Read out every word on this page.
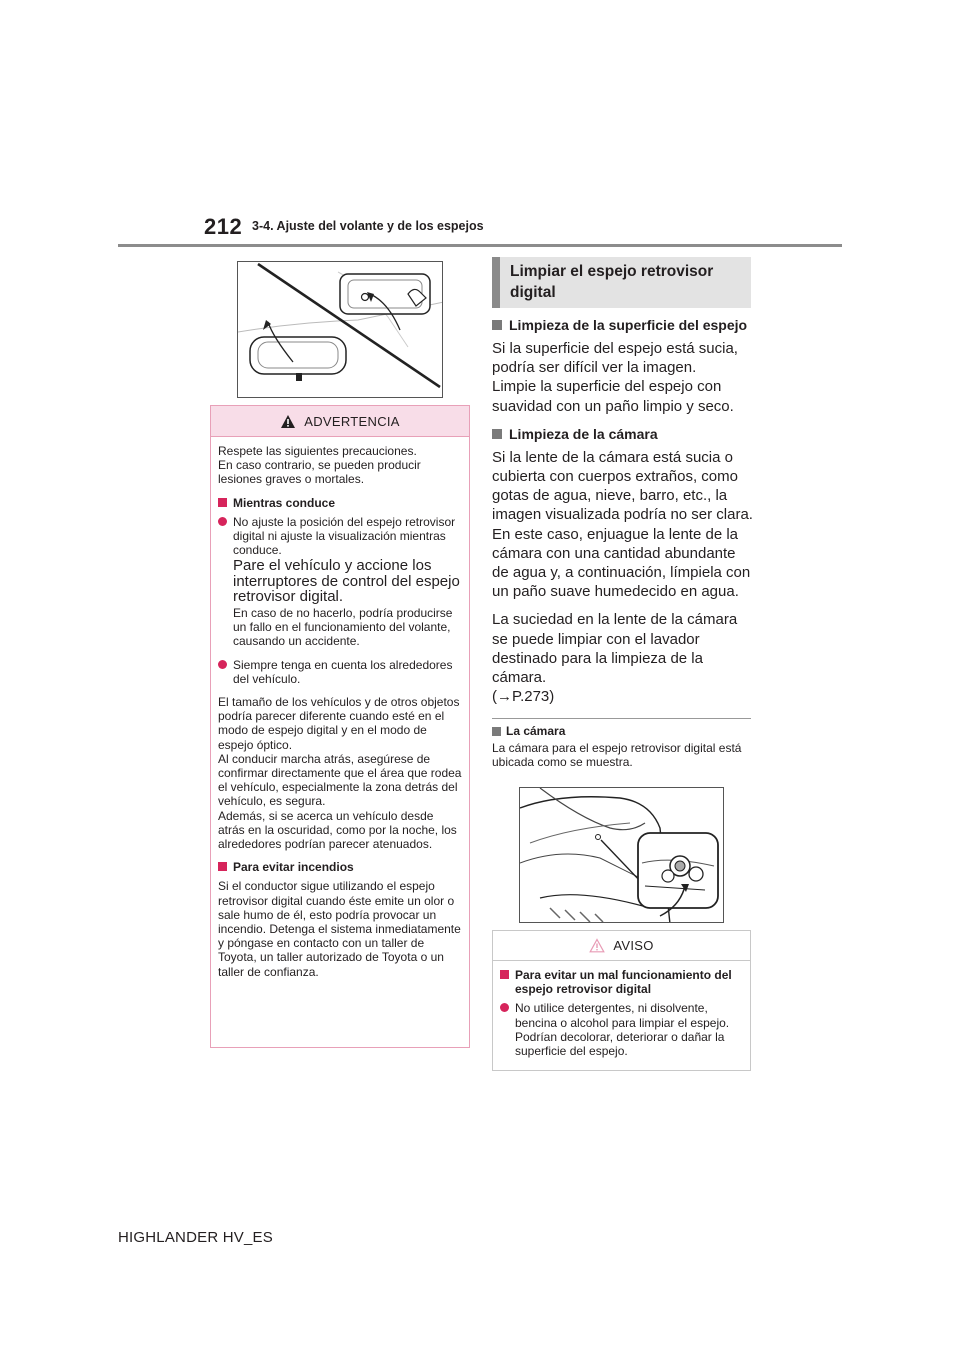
212 3-4. Ajuste del volante y de los espejos
ADVERTENCIA

Respete las siguientes precauciones.
En caso contrario, se pueden producir lesiones graves o mortales.

Mientras conduce
No ajuste la posición del espejo retrovisor digital ni ajuste la visualización mientras conduce.
Pare el vehículo y accione los interruptores de control del espejo retrovisor digital.
En caso de no hacerlo, podría producirse un fallo en el funcionamiento del volante, causando un accidente.
Siempre tenga en cuenta los alrededores del vehículo.

El tamaño de los vehículos y de otros objetos podría parecer diferente cuando esté en el modo de espejo digital y en el modo de espejo óptico.
Al conducir marcha atrás, asegúrese de confirmar directamente que el área que rodea el vehículo, especialmente la zona detrás del vehículo, es segura.
Además, si se acerca un vehículo desde atrás en la oscuridad, como por la noche, los alrededores podrían parecer atenuados.

Para evitar incendios

Si el conductor sigue utilizando el espejo retrovisor digital cuando éste emite un olor o sale humo de él, esto podría provocar un incendio. Detenga el sistema inmediatamente y póngase en contacto con un taller de Toyota, un taller autorizado de Toyota o un taller de confianza.

Limpiar el espejo retrovisor digital
Limpieza de la superficie del espejo

Si la superficie del espejo está sucia, podría ser difícil ver la imagen.
Limpie la superficie del espejo con suavidad con un paño limpio y seco.

Limpieza de la cámara

Si la lente de la cámara está sucia o cubierta con cuerpos extraños, como gotas de agua, nieve, barro, etc., la imagen visualizada podría no ser clara. En este caso, enjuague la lente de la cámara con una cantidad abundante de agua y, a continuación, límpiela con un paño suave humedecido en agua.

La suciedad en la lente de la cámara se puede limpiar con el lavador destinado para la limpieza de la cámara.
(→P.273)

La cámara
La cámara para el espejo retrovisor digital está ubicada como se muestra.
AVISO
Para evitar un mal funcionamiento del espejo retrovisor digital
No utilice detergentes, ni disolvente, bencina o alcohol para limpiar el espejo. Podrían decolorar, deteriorar o dañar la superficie del espejo.
HIGHLANDER HV_ES
